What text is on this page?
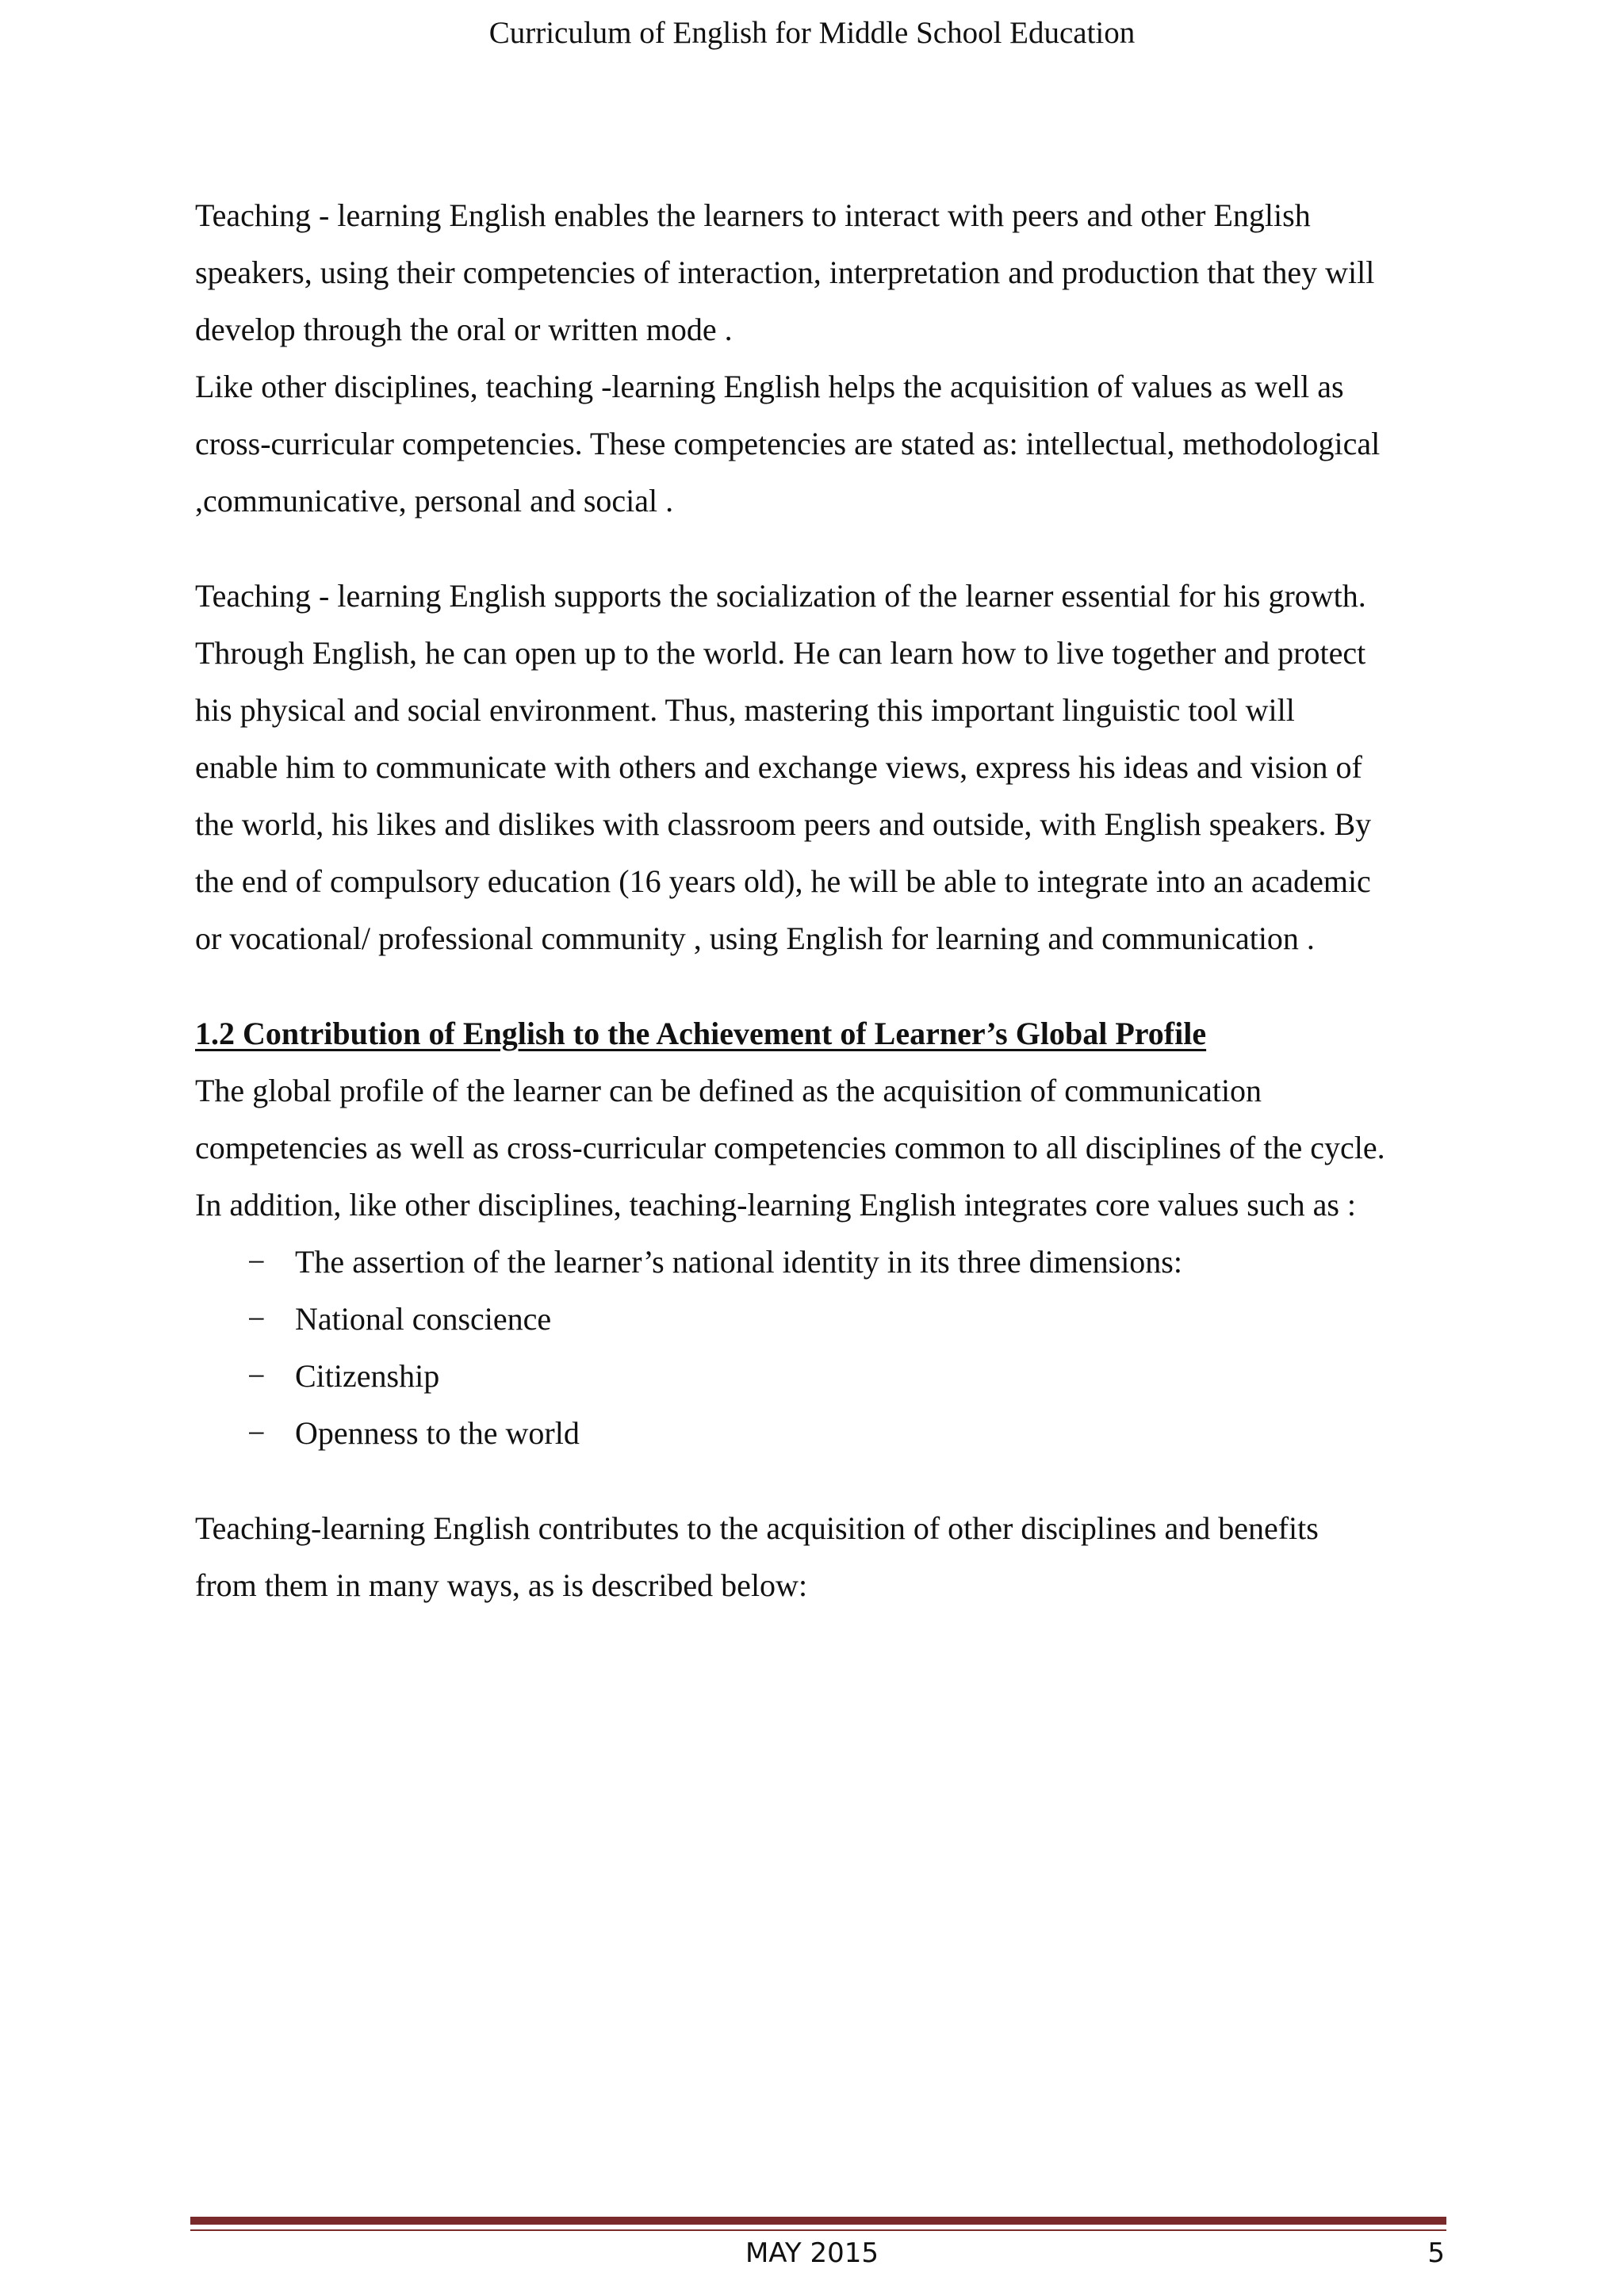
Curriculum of English for Middle School Education

Teaching - learning English enables the learners to interact with peers and other English

speakers, using their competencies of interaction, interpretation and production that they will

develop through the oral or written mode .

Like other disciplines, teaching -learning English helps the acquisition of values as well as

cross-curricular competencies. These competencies are stated as: intellectual, methodological

,communicative, personal and social .

Teaching - learning English supports the socialization of the learner essential for his growth.

Through English, he can open up to the world. He can learn how to live together and protect

his physical and social environment. Thus, mastering this important linguistic tool will

enable him to communicate with others and exchange views, express his ideas and vision of

the world, his likes and dislikes with classroom peers and outside, with English speakers. By

the end of compulsory education (16 years old), he will be able to integrate into an academic

or vocational/ professional community , using English for learning and communication .

1.2 Contribution of English to the Achievement of Learner’s Global Profile

The global profile of the learner can be defined as the acquisition of communication

competencies as well as cross-curricular competencies common to all disciplines of the cycle.

In addition, like other disciplines, teaching-learning English integrates core values such as :

− The assertion of the learner’s national identity in its three dimensions:
− National conscience
− Citizenship
− Openness to the world

Teaching-learning English contributes to the acquisition of other disciplines and benefits

from them in many ways, as is described below:

MAY 2015	5
